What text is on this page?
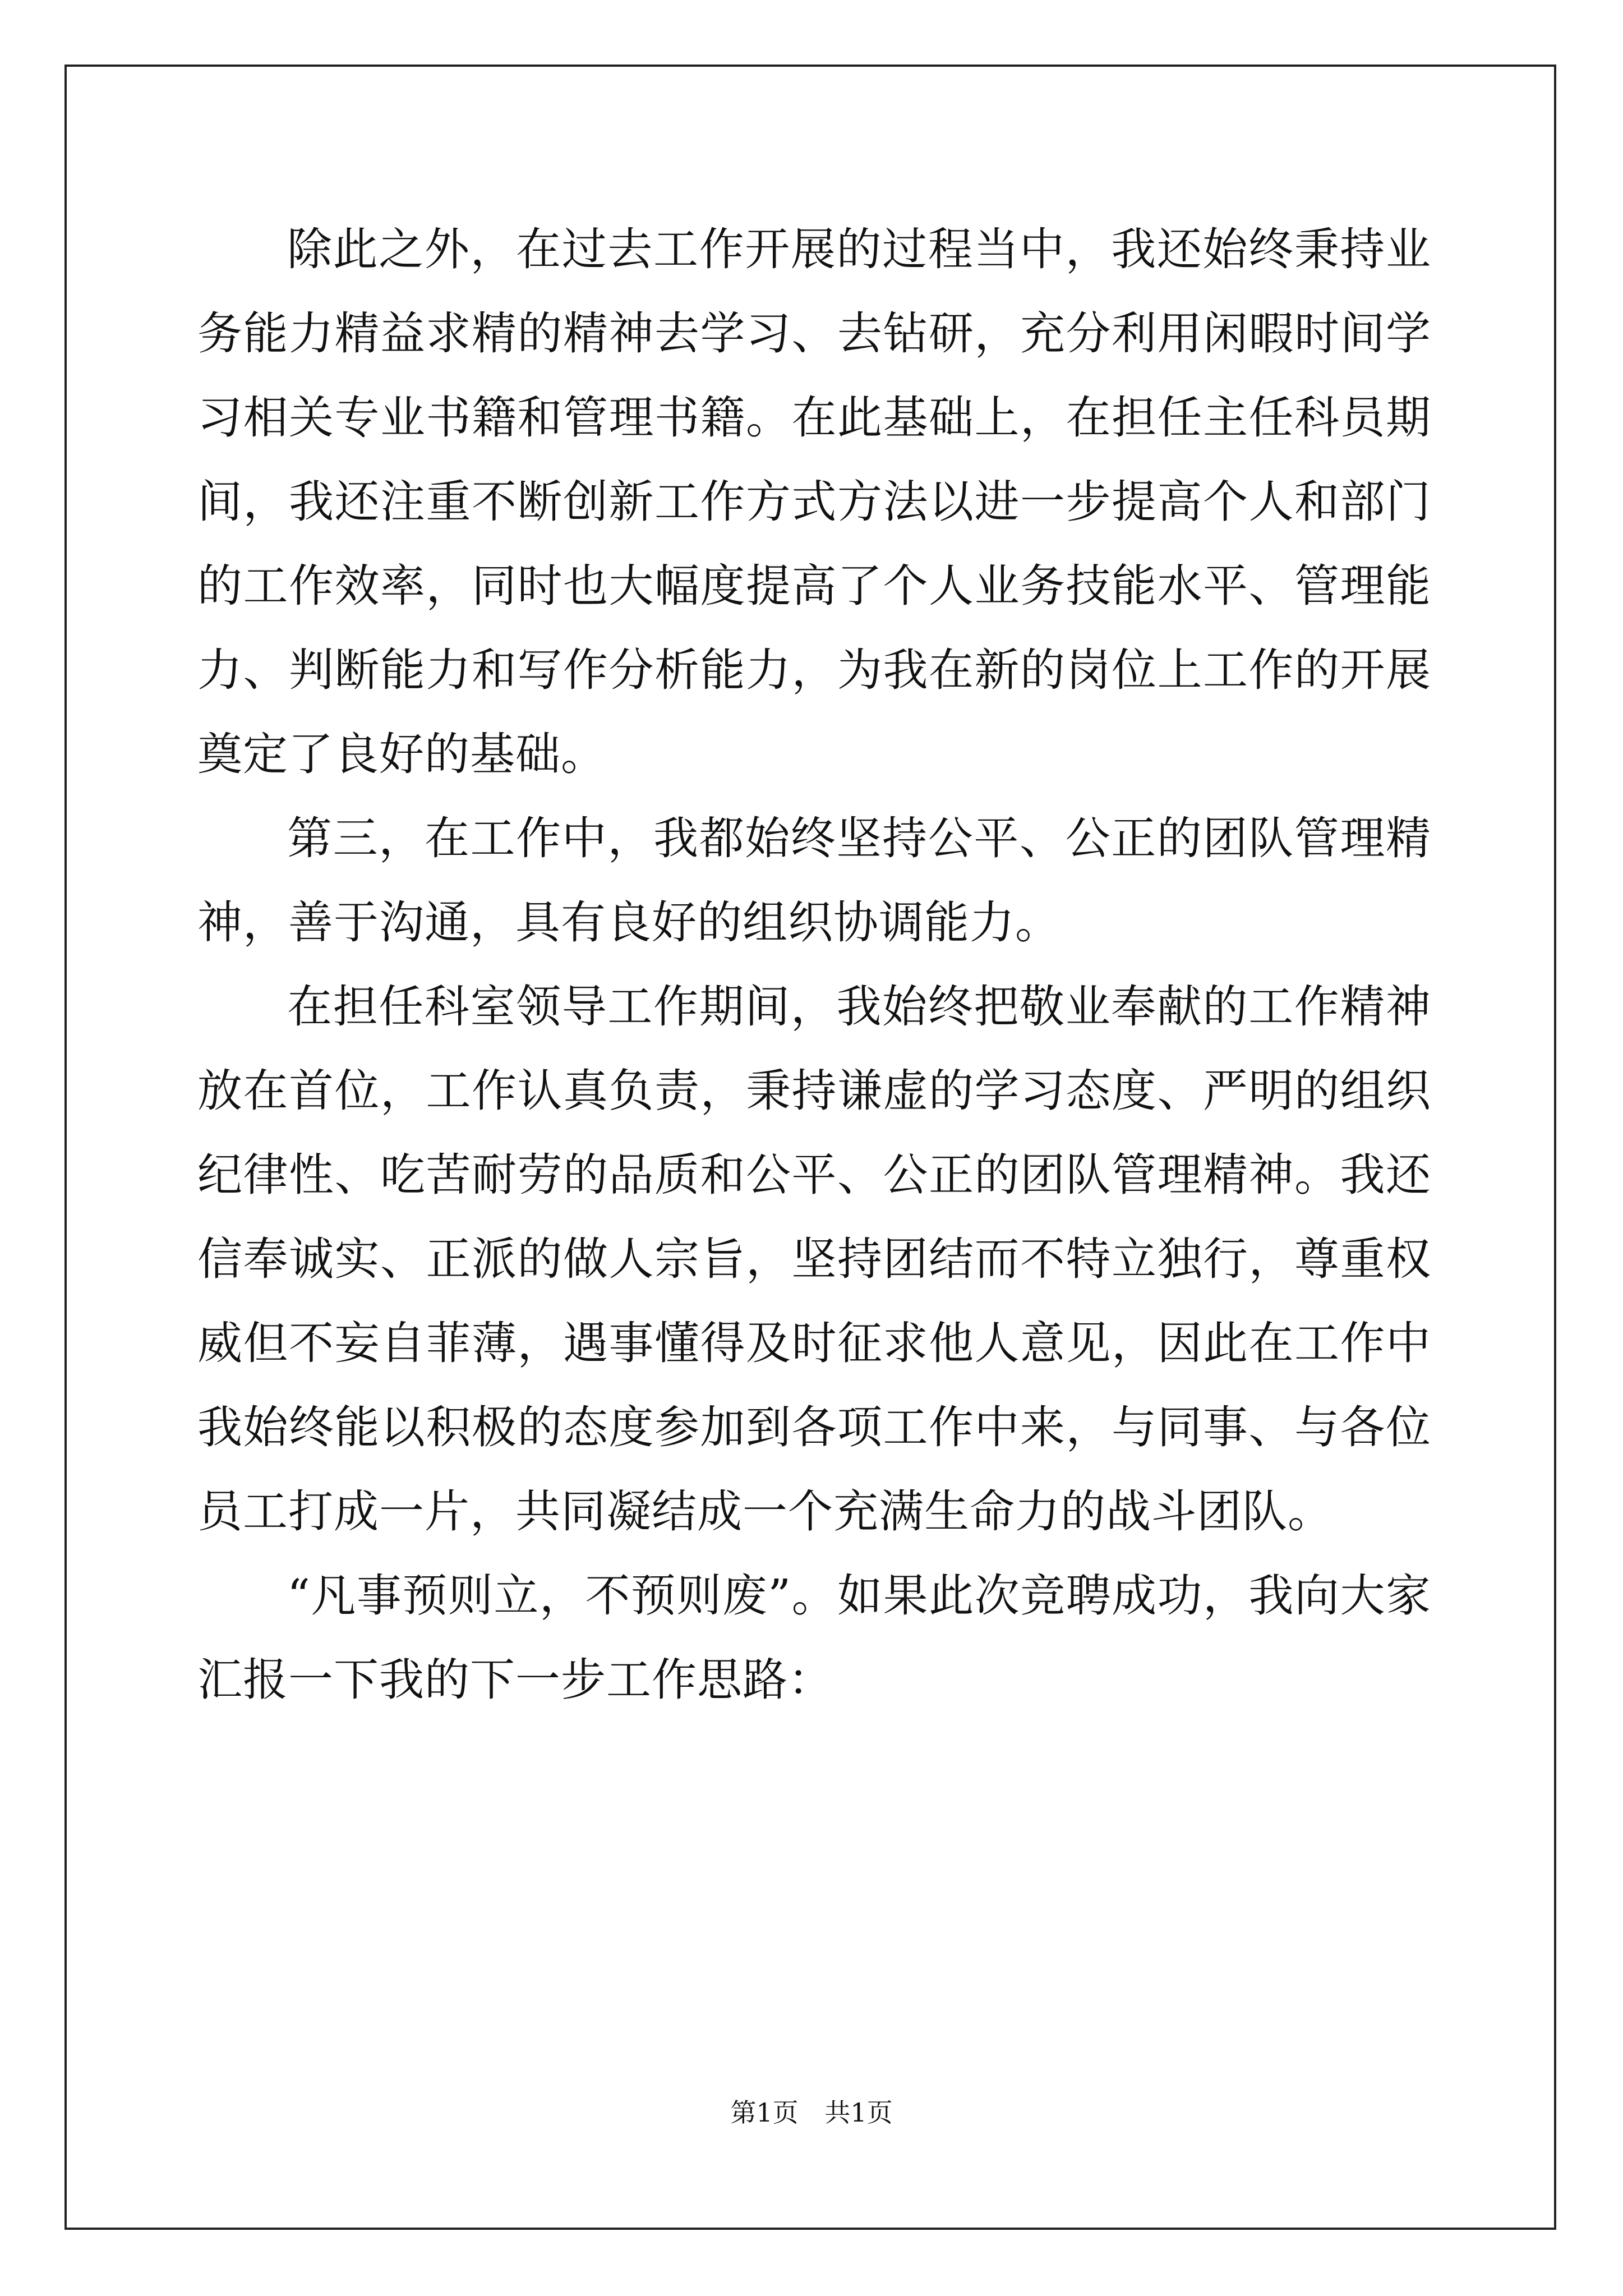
除此之外，在过去工作开展的过程当中，我还始终秉持业务能力精益求精的精神去学习、去钻研，充分利用闲暇时间学习相关专业书籍和管理书籍。在此基础上，在担任主任科员期间，我还注重不断创新工作方式方法以进一步提高个人和部门的工作效率，同时也大幅度提高了个人业务技能水平、管理能力、判断能力和写作分析能力，为我在新的岗位上工作的开展奠定了良好的基础。

第三，在工作中，我都始终坚持公平、公正的团队管理精神，善于沟通，具有良好的组织协调能力。

在担任科室领导工作期间，我始终把敬业奉献的工作精神放在首位，工作认真负责，秉持谦虚的学习态度、严明的组织纪律性、吃苦耐劳的品质和公平、公正的团队管理精神。我还信奉诚实、正派的做人宗旨，坚持团结而不特立独行，尊重权威但不妄自菲薄，遇事懂得及时征求他人意见，因此在工作中我始终能以积极的态度参加到各项工作中来，与同事、与各位员工打成一片，共同凝结成一个充满生命力的战斗团队。

“凡事预则立，不预则废”。如果此次竞聘成功，我向大家汇报一下我的下一步工作思路：

第1页 共1页
